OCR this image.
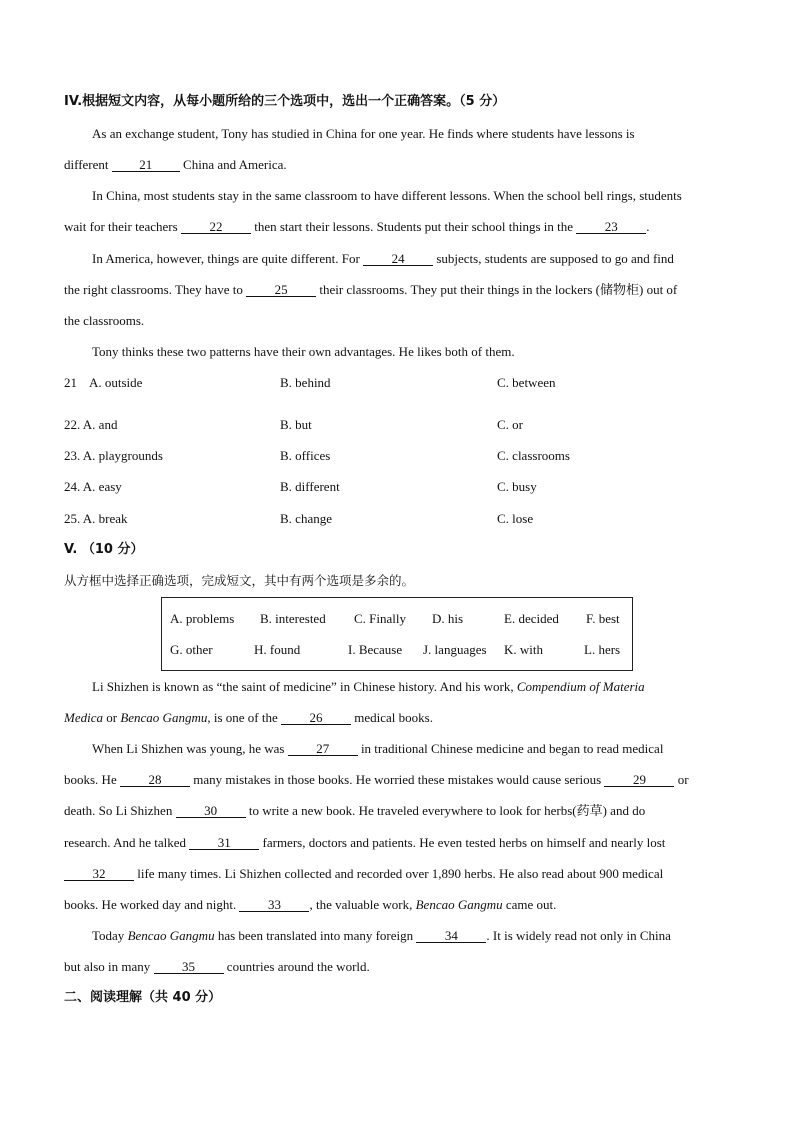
IV.根据短文内容，从每小题所给的三个选项中，选出一个正确答案。（5 分）
As an exchange student, Tony has studied in China for one year. He finds where students have lessons is
different 21 China and America.
In China, most students stay in the same classroom to have different lessons. When the school bell rings, students
wait for their teachers 22 then start their lessons. Students put their school things in the 23 .
In America, however, things are quite different. For 24 subjects, students are supposed to go and find
the right classrooms. They have to 25 their classrooms. They put their things in the lockers (储物柜) out of
the classrooms.
Tony thinks these two patterns have their own advantages. He likes both of them.
21 A. outside	B. behind	C. between
22. A. and	B. but	C. or
23. A. playgrounds	B. offices	C. classrooms
24. A. easy	B. different	C. busy
25. A. break	B. change	C. lose
V. （10 分）
从方框中选择正确选项，完成短文，其中有两个选项是多余的。
A. problems B. interested C. Finally D. his	E. decided F. best
G. other	H. found	I. Because J. languages K. with	L. hers
Li Shizhen is known as “the saint of medicine” in Chinese history. And his work, Compendium of Materia
Medica or Bencao Gangmu, is one of the 26 medical books.
When Li Shizhen was young, he was 27 in traditional Chinese medicine and began to read medical
books. He 28 many mistakes in those books. He worried these mistakes would cause serious 29 or
death. So Li Shizhen 30 to write a new book. He traveled everywhere to look for herbs(药草) and do
research. And he talked 31 farmers, doctors and patients. He even tested herbs on himself and nearly lost
32 life many times. Li Shizhen collected and recorded over 1,890 herbs. He also read about 900 medical
books. He worked day and night. 33 , the valuable work, Bencao Gangmu came out.
Today Bencao Gangmu has been translated into many foreign 34 . It is widely read not only in China
but also in many 35 countries around the world.
二、阅读理解（共 40 分）
